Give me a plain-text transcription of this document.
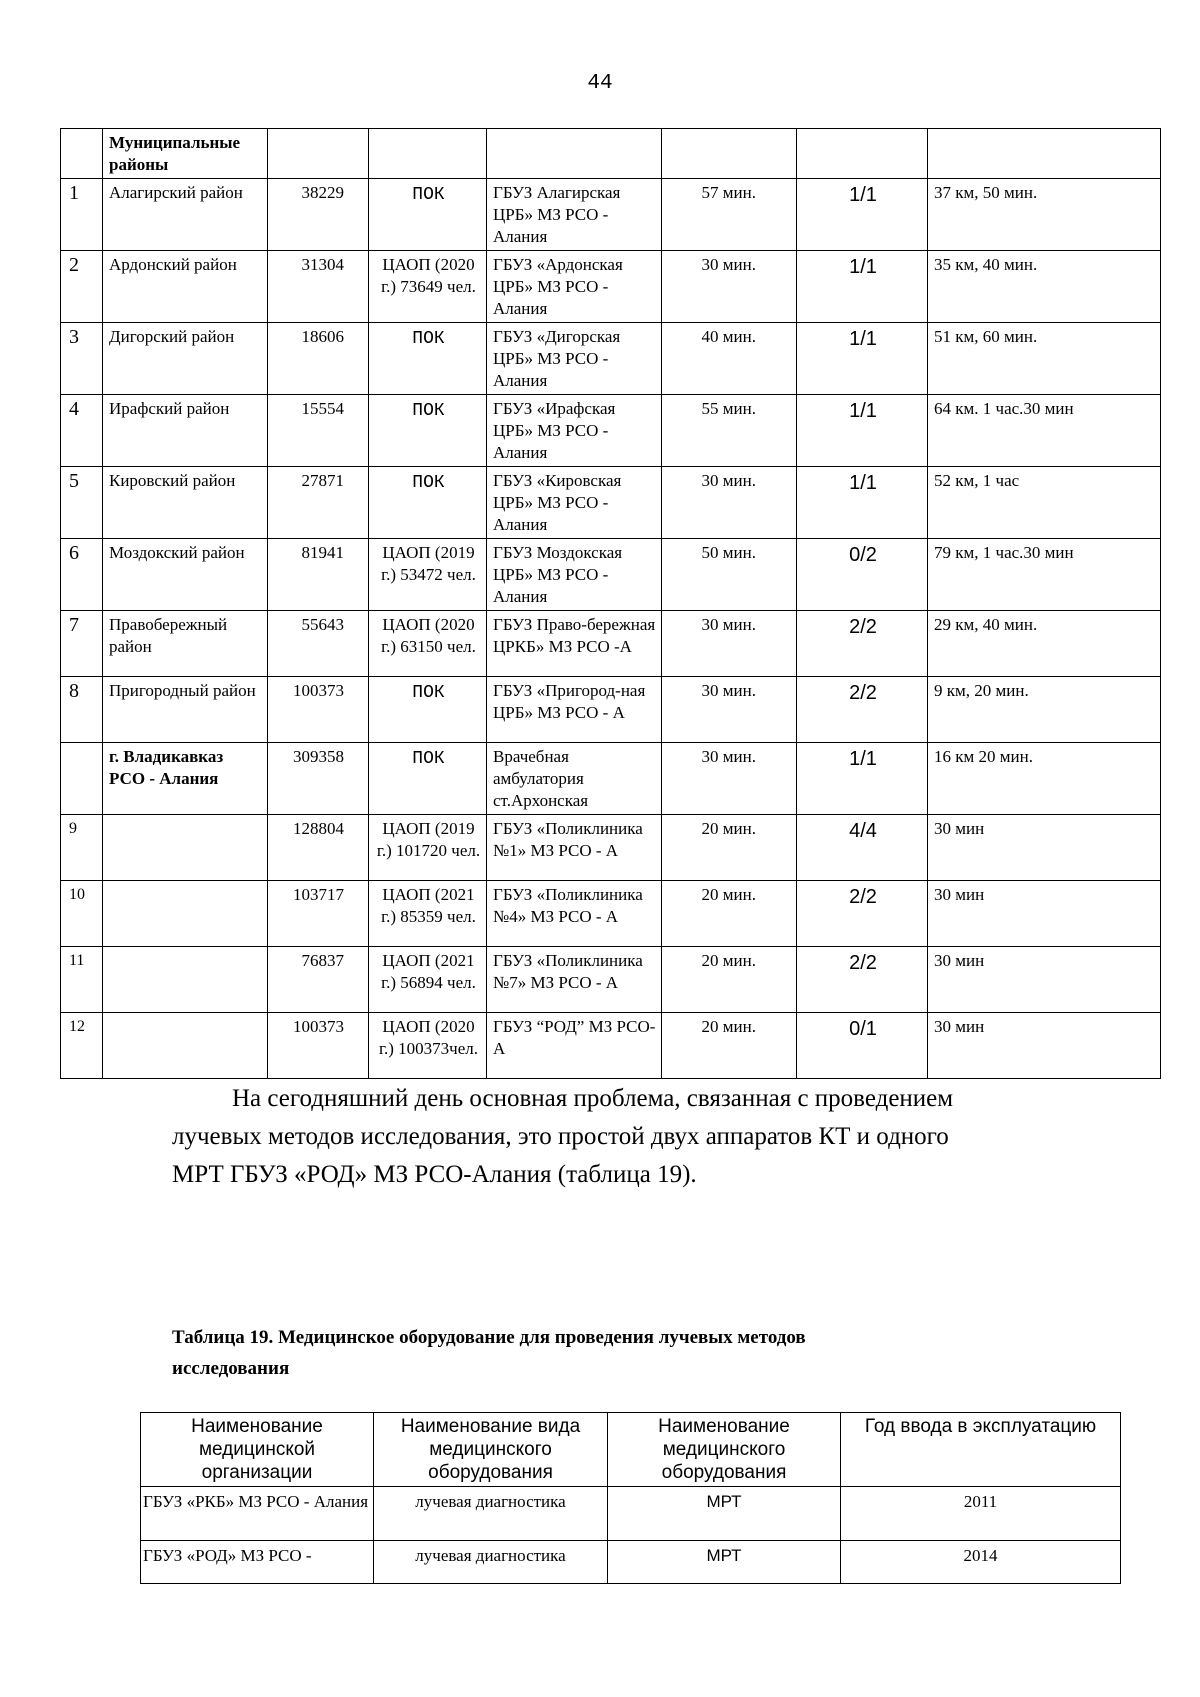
44
	Муниципальные районы						
1	Алагирский район	38229	ПОК	ГБУЗ Алагирская ЦРБ» МЗ РСО - Алания	57 мин.	1/1	37 км, 50 мин.
2	Ардонский район	31304	ЦАОП (2020 г.) 73649 чел.	ГБУЗ «Ардонская ЦРБ» МЗ РСО - Алания	30 мин.	1/1	35 км, 40 мин.
3	Дигорский район	18606	ПОК	ГБУЗ «Дигорская ЦРБ» МЗ РСО - Алания	40 мин.	1/1	51 км, 60 мин.
4	Ирафский район	15554	ПОК	ГБУЗ «Ирафская ЦРБ» МЗ РСО - Алания	55 мин.	1/1	64 км. 1 час.30 мин
5	Кировский район	27871	ПОК	ГБУЗ «Кировская ЦРБ» МЗ РСО - Алания	30 мин.	1/1	52 км, 1 час
6	Моздокский район	81941	ЦАОП (2019 г.) 53472 чел.	ГБУЗ Моздокская ЦРБ» МЗ РСО - Алания	50 мин.	0/2	79 км, 1 час.30 мин
7	Правобережный район	55643	ЦАОП (2020 г.) 63150 чел.	ГБУЗ Право-бережная ЦРКБ» МЗ РСО -А	30 мин.	2/2	29 км, 40 мин.
8	Пригородный район	100373	ПОК	ГБУЗ «Пригород-ная ЦРБ» МЗ РСО - А	30 мин.	2/2	9 км, 20 мин.
	г. Владикавказ РСО - Алания	309358	ПОК	Врачебная амбулатория ст.Архонская	30 мин.	1/1	16 км 20 мин.
9		128804	ЦАОП (2019 г.) 101720 чел.	ГБУЗ «Поликлиника №1» МЗ РСО - А	20 мин.	4/4	30 мин
10		103717	ЦАОП (2021 г.) 85359 чел.	ГБУЗ «Поликлиника №4» МЗ РСО - А	20 мин.	2/2	30 мин
11		76837	ЦАОП (2021 г.) 56894 чел.	ГБУЗ «Поликлиника №7» МЗ РСО - А	20 мин.	2/2	30 мин
12		100373	ЦАОП (2020 г.) 100373чел.	ГБУЗ “РОД” МЗ РСО-А	20 мин.	0/1	30 мин
На сегодняшний день основная проблема, связанная с проведением
лучевых методов исследования, это простой двух аппаратов КТ и одного
МРТ ГБУЗ «РОД» МЗ РСО-Алания (таблица 19).
Таблица 19. Медицинское оборудование для проведения лучевых методов
исследования
Наименование медицинской организации	Наименование вида медицинского оборудования	Наименование медицинского оборудования	Год ввода в эксплуатацию
ГБУЗ «РКБ» МЗ РСО - Алания	лучевая диагностика	МРТ	2011
ГБУЗ «РОД» МЗ РСО -	лучевая диагностика	МРТ	2014
